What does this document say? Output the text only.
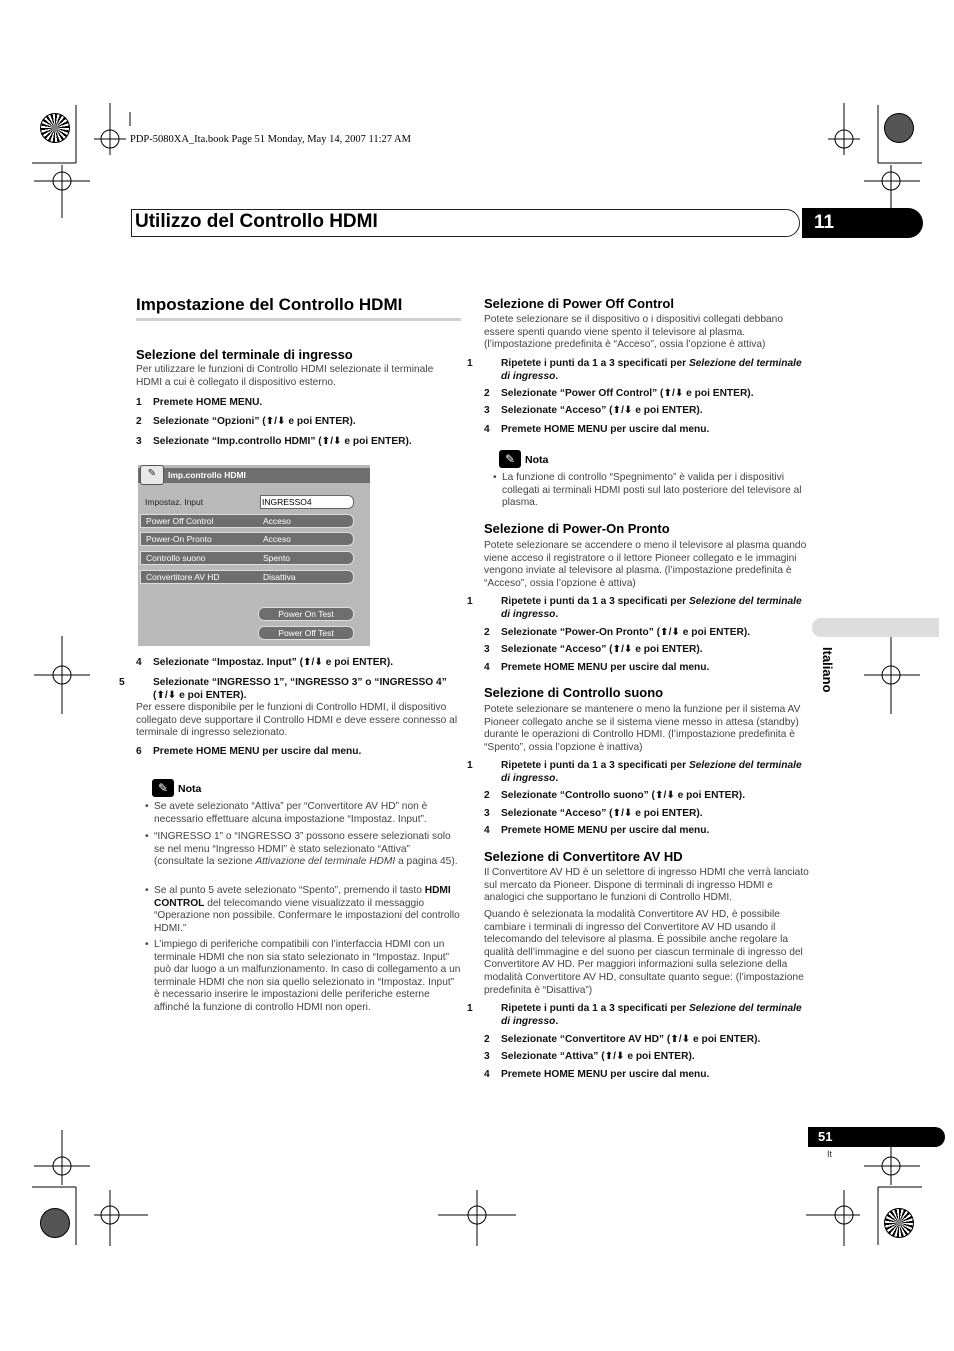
PDP-5080XA_Ita.book Page 51 Monday, May 14, 2007 11:27 AM
Utilizzo del Controllo HDMI	11
Impostazione del Controllo HDMI
Selezione del terminale di ingresso
Per utilizzare le funzioni di Controllo HDMI selezionate il terminale HDMI a cui è collegato il dispositivo esterno.
1 Premete HOME MENU.
2 Selezionate “Opzioni” (⬆/⬇ e poi ENTER).
3 Selezionate “Imp.controllo HDMI” (⬆/⬇ e poi ENTER).
Imp.controllo HDMI
✎
Impostaz. Input	INGRESSO4
Power Off Control	Acceso
Power-On Pronto	Acceso
Controllo suono	Spento
Convertitore AV HD	Disattiva
Power On Test
Power Off Test
4 Selezionate “Impostaz. Input” (⬆/⬇ e poi ENTER).
5	Selezionate “INGRESSO 1”, “INGRESSO 3” o “INGRESSO 4” (⬆/⬇ e poi ENTER).
Per essere disponibile per le funzioni di Controllo HDMI, il dispositivo collegato deve supportare il Controllo HDMI e deve essere connesso al terminale di ingresso selezionato.
6 Premete HOME MENU per uscire dal menu.
✎ Nota
• Se avete selezionato “Attiva” per “Convertitore AV HD” non è necessario effettuare alcuna impostazione “Impostaz. Input”.
• “INGRESSO 1” o “INGRESSO 3” possono essere selezionati solo se nel menu “Ingresso HDMI” è stato selezionato “Attiva” (consultate la sezione Attivazione del terminale HDMI a pagina 45).
• Se al punto 5 avete selezionato “Spento”, premendo il tasto HDMI CONTROL del telecomando viene visualizzato il messaggio “Operazione non possibile. Confermare le impostazioni del controllo HDMI.”
• L’impiego di periferiche compatibili con l’interfaccia HDMI con un terminale HDMI che non sia stato selezionato in “Impostaz. Input” può dar luogo a un malfunzionamento. In caso di collegamento a un terminale HDMI che non sia quello selezionato in “Impostaz. Input” è necessario inserire le impostazioni delle periferiche esterne affinché la funzione di controllo HDMI non operi.
Selezione di Power Off Control
Potete selezionare se il dispositivo o i dispositivi collegati debbano essere spenti quando viene spento il televisore al plasma. (l’impostazione predefinita è “Acceso”, ossia l’opzione è attiva)
1	Ripetete i punti da 1 a 3 specificati per Selezione del terminale di ingresso.
2 Selezionate “Power Off Control” (⬆/⬇ e poi ENTER).
3 Selezionate “Acceso” (⬆/⬇ e poi ENTER).
4 Premete HOME MENU per uscire dal menu.
✎ Nota
• La funzione di controllo “Spegnimento” è valida per i dispositivi collegati ai terminali HDMI posti sul lato posteriore del televisore al plasma.
Selezione di Power-On Pronto
Potete selezionare se accendere o meno il televisore al plasma quando viene acceso il registratore o il lettore Pioneer collegato e le immagini vengono inviate al televisore al plasma. (l’impostazione predefinita è “Acceso”, ossia l’opzione è attiva)
1	Ripetete i punti da 1 a 3 specificati per Selezione del terminale di ingresso.
2 Selezionate “Power-On Pronto” (⬆/⬇ e poi ENTER).
3 Selezionate “Acceso” (⬆/⬇ e poi ENTER).
4 Premete HOME MENU per uscire dal menu.
Selezione di Controllo suono
Potete selezionare se mantenere o meno la funzione per il sistema AV Pioneer collegato anche se il sistema viene messo in attesa (standby) durante le operazioni di Controllo HDMI. (l’impostazione predefinita è “Spento”, ossia l’opzione è inattiva)
1	Ripetete i punti da 1 a 3 specificati per Selezione del terminale di ingresso.
2 Selezionate “Controllo suono” (⬆/⬇ e poi ENTER).
3 Selezionate “Acceso” (⬆/⬇ e poi ENTER).
4 Premete HOME MENU per uscire dal menu.
Selezione di Convertitore AV HD
Il Convertitore AV HD è un selettore di ingresso HDMI che verrà lanciato sul mercato da Pioneer. Dispone di terminali di ingresso HDMI e analogici che supportano le funzioni di Controllo HDMI.
Quando è selezionata la modalità Convertitore AV HD, è possibile cambiare i terminali di ingresso del Convertitore AV HD usando il telecomando del televisore al plasma. È possibile anche regolare la qualità dell’immagine e del suono per ciascun terminale di ingresso del Convertitore AV HD. Per maggiori informazioni sulla selezione della modalità Convertitore AV HD, consultate quanto segue: (l’impostazione predefinita è “Disattiva”)
1	Ripetete i punti da 1 a 3 specificati per Selezione del terminale di ingresso.
2 Selezionate “Convertitore AV HD” (⬆/⬇ e poi ENTER).
3 Selezionate “Attiva” (⬆/⬇ e poi ENTER).
4 Premete HOME MENU per uscire dal menu.
Italiano
51
It
